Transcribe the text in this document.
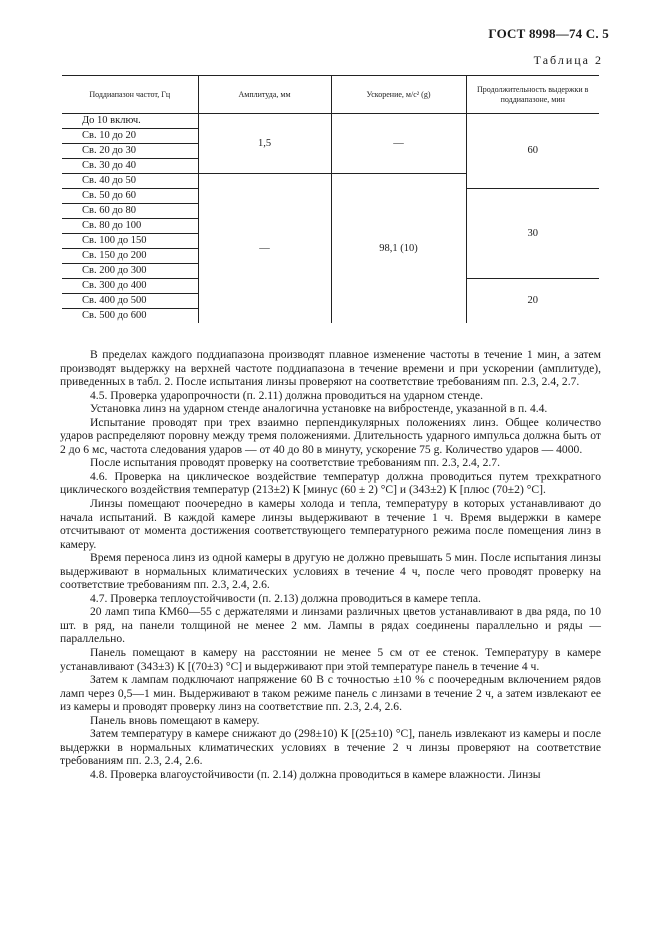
ГОСТ 8998—74 С. 5
Таблица 2
Поддиапазон частот, Гц	Амплитуда, мм	Ускорение, м/с² (g)	Продолжительность выдержки в поддиапазоне, мин
До 10 включ.	1,5	—	60
Св. 10 до 20			
Св. 20 до 30			
Св. 30 до 40			
Св. 40 до 50	—	98,1 (10)	
Св. 50 до 60			30
Св. 60 до 80			
Св. 80 до 100			
Св. 100 до 150			
Св. 150 до 200			
Св. 200 до 300			
Св. 300 до 400			20
Св. 400 до 500			
Св. 500 до 600			

В пределах каждого поддиапазона производят плавное изменение частоты в течение 1 мин, а затем производят выдержку на верхней частоте поддиапазона в течение времени и при ускорении (амплитуде), приведенных в табл. 2. После испытания линзы проверяют на соответствие требованиям пп. 2.3, 2.4, 2.7.

4.5. Проверка ударопрочности (п. 2.11) должна проводиться на ударном стенде.

Установка линз на ударном стенде аналогична установке на вибростенде, указанной в п. 4.4.

Испытание проводят при трех взаимно перпендикулярных положениях линз. Общее количество ударов распределяют поровну между тремя положениями. Длительность ударного импульса должна быть от 2 до 6 мс, частота следования ударов — от 40 до 80 в минуту, ускорение 75 g. Количество ударов — 4000.

После испытания проводят проверку на соответствие требованиям пп. 2.3, 2.4, 2.7.

4.6. Проверка на циклическое воздействие температур должна проводиться путем трехкратного циклического воздействия температур (213±2) К [минус (60 ± 2) °С] и (343±2) К [плюс (70±2) °С].

Линзы помещают поочередно в камеры холода и тепла, температуру в которых устанавливают до начала испытаний. В каждой камере линзы выдерживают в течение 1 ч. Время выдержки в камере отсчитывают от момента достижения соответствующего температурного режима после помещения линз в камеру.

Время переноса линз из одной камеры в другую не должно превышать 5 мин. После испытания линзы выдерживают в нормальных климатических условиях в течение 4 ч, после чего проводят проверку на соответствие требованиям пп. 2.3, 2.4, 2.6.

4.7. Проверка теплоустойчивости (п. 2.13) должна проводиться в камере тепла.

20 ламп типа КМ60—55 с держателями и линзами различных цветов устанавливают в два ряда, по 10 шт. в ряд, на панели толщиной не менее 2 мм. Лампы в рядах соединены параллельно и ряды — параллельно.

Панель помещают в камеру на расстоянии не менее 5 см от ее стенок. Температуру в камере устанавливают (343±3) К [(70±3) °С] и выдерживают при этой температуре панель в течение 4 ч.

Затем к лампам подключают напряжение 60 В с точностью ±10 % с поочередным включением рядов ламп через 0,5—1 мин. Выдерживают в таком режиме панель с линзами в течение 2 ч, а затем извлекают ее из камеры и проводят проверку линз на соответствие пп. 2.3, 2.4, 2.6.

Панель вновь помещают в камеру.

Затем температуру в камере снижают до (298±10) К [(25±10) °С], панель извлекают из камеры и после выдержки в нормальных климатических условиях в течение 2 ч линзы проверяют на соответствие требованиям пп. 2.3, 2.4, 2.6.

4.8. Проверка влагоустойчивости (п. 2.14) должна проводиться в камере влажности. Линзы
